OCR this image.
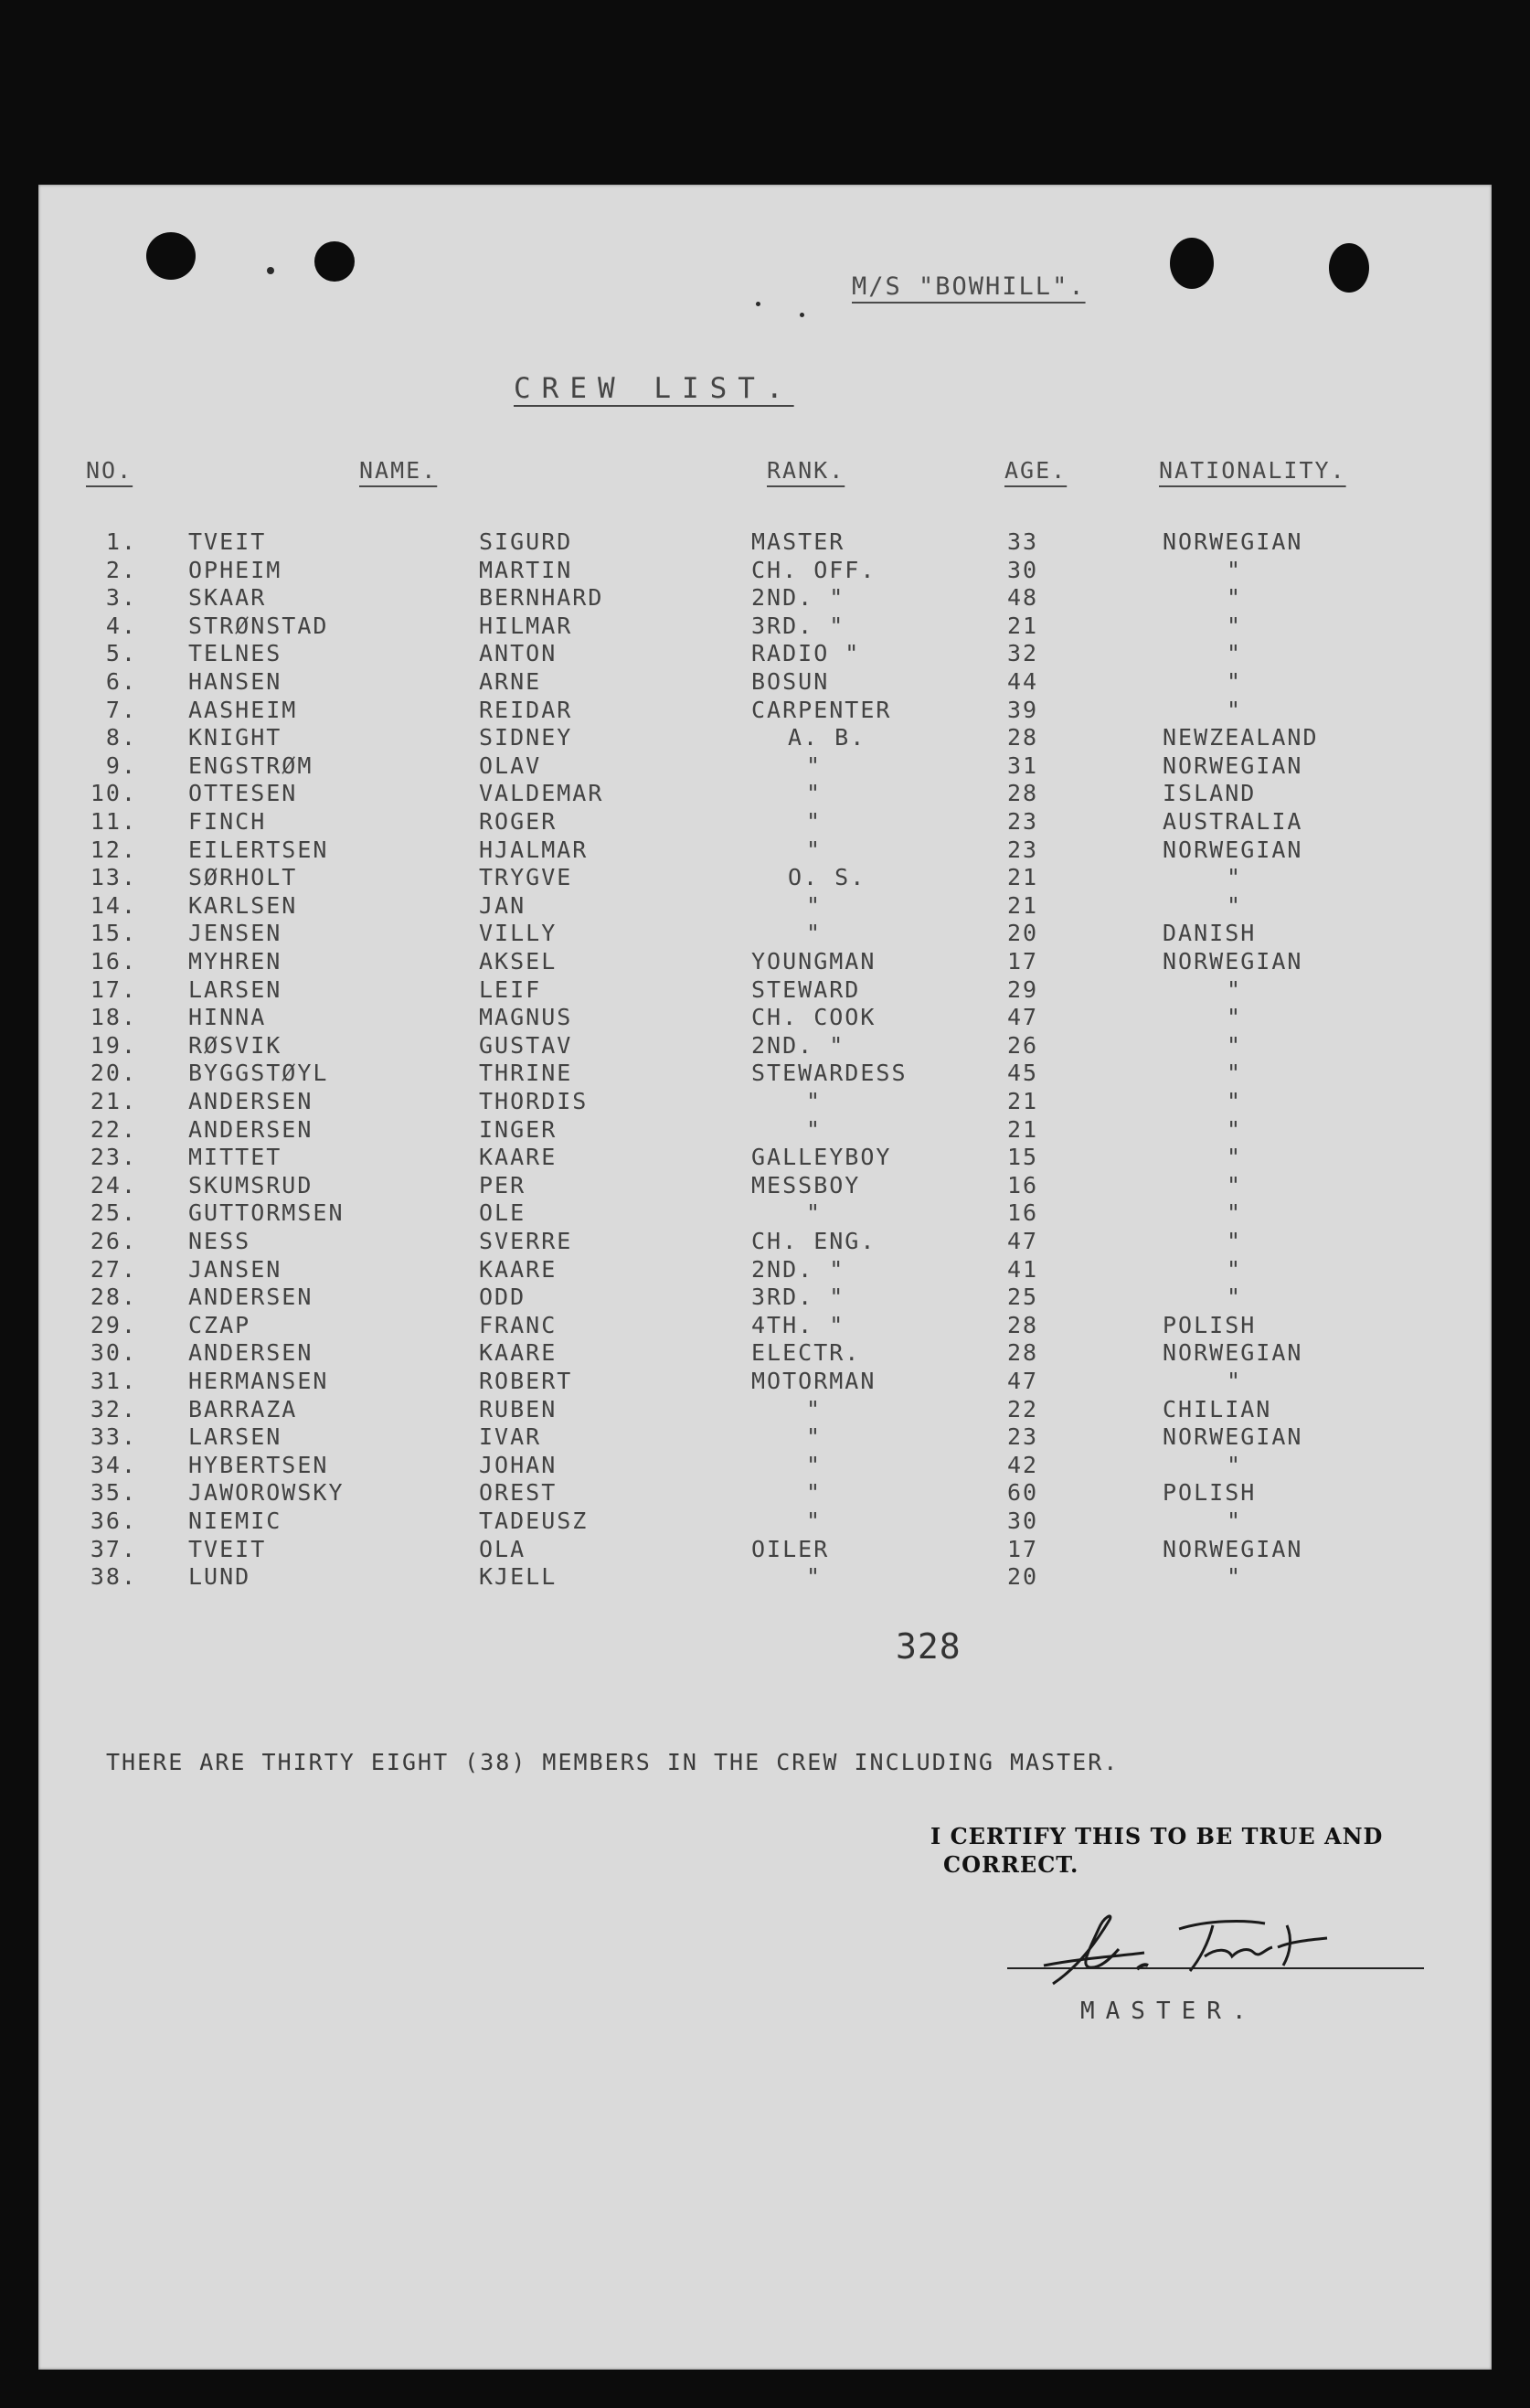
M/S "BOWHILL".
CREW LIST.
NO.	NAME.	RANK.	AGE.	NATIONALITY.
1. TVEIT	SIGURD	MASTER	33	NORWEGIAN
2. OPHEIM	MARTIN	CH. OFF.	30	"
3. SKAAR	BERNHARD	2ND. "	48	"
4. STRØNSTAD	HILMAR	3RD. "	21	"
5. TELNES	ANTON	RADIO "	32	"
6. HANSEN	ARNE	BOSUN	44	"
7. AASHEIM	REIDAR	CARPENTER	39	"
8. KNIGHT	SIDNEY	A. B.	28	NEWZEALAND
9. ENGSTRØM	OLAV	"	31	NORWEGIAN
10. OTTESEN	VALDEMAR	"	28	ISLAND
11. FINCH	ROGER	"	23	AUSTRALIA
12. EILERTSEN	HJALMAR	"	23	NORWEGIAN
13. SØRHOLT	TRYGVE	O. S.	21	"
14. KARLSEN	JAN	"	21	"
15. JENSEN	VILLY	"	20	DANISH
16. MYHREN	AKSEL	YOUNGMAN	17	NORWEGIAN
17. LARSEN	LEIF	STEWARD	29	"
18. HINNA	MAGNUS	CH. COOK	47	"
19. RØSVIK	GUSTAV	2ND. "	26	"
20. BYGGSTØYL	THRINE	STEWARDESS	45	"
21. ANDERSEN	THORDIS	"	21	"
22. ANDERSEN	INGER	"	21	"
23. MITTET	KAARE	GALLEYBOY	15	"
24. SKUMSRUD	PER	MESSBOY	16	"
25. GUTTORMSEN	OLE	"	16	"
26. NESS	SVERRE	CH. ENG.	47	"
27. JANSEN	KAARE	2ND. "	41	"
28. ANDERSEN	ODD	3RD. "	25	"
29. CZAP	FRANC	4TH. "	28	POLISH
30. ANDERSEN	KAARE	ELECTR.	28	NORWEGIAN
31. HERMANSEN	ROBERT	MOTORMAN	47	"
32. BARRAZA	RUBEN	"	22	CHILIAN
33. LARSEN	IVAR	"	23	NORWEGIAN
34. HYBERTSEN	JOHAN	"	42	"
35. JAWOROWSKY	OREST	"	60	POLISH
36. NIEMIC	TADEUSZ	"	30	"
37. TVEIT	OLA	OILER	17	NORWEGIAN
38. LUND	KJELL	"	20	"
328
THERE ARE THIRTY EIGHT (38) MEMBERS IN THE CREW INCLUDING MASTER.
I CERTIFY THIS TO BE TRUE AND
CORRECT.
MASTER.
